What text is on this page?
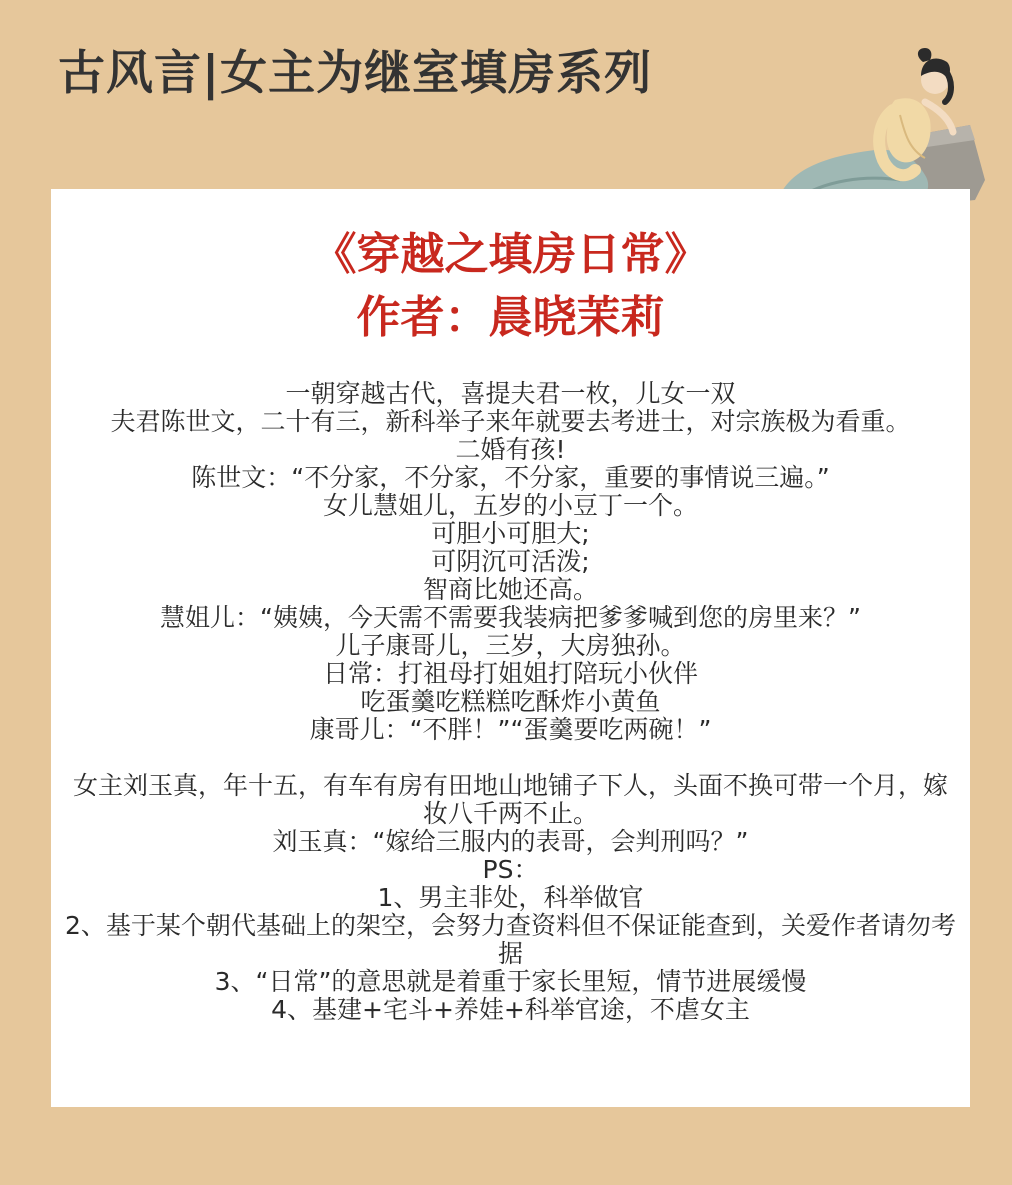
古风言|女主为继室填房系列
《穿越之填房日常》
作者：晨晓茉莉
一朝穿越古代，喜提夫君一枚，儿女一双
夫君陈世文，二十有三，新科举子来年就要去考进士，对宗族极为看重。
二婚有孩!
陈世文：“不分家，不分家，不分家，重要的事情说三遍。”
女儿慧姐儿，五岁的小豆丁一个。
可胆小可胆大;
可阴沉可活泼;
智商比她还高。
慧姐儿：“姨姨，今天需不需要我装病把爹爹喊到您的房里来？”
儿子康哥儿，三岁，大房独孙。
日常：打祖母打姐姐打陪玩小伙伴
吃蛋羹吃糕糕吃酥炸小黄鱼
康哥儿：“不胖！”“蛋羹要吃两碗！”
女主刘玉真，年十五，有车有房有田地山地铺子下人，头面不换可带一个月，嫁妆八千两不止。
刘玉真：“嫁给三服内的表哥，会判刑吗？”
PS：
1、男主非处，科举做官
2、基于某个朝代基础上的架空，会努力查资料但不保证能查到，关爱作者请勿考据
3、“日常”的意思就是着重于家长里短，情节进展缓慢
4、基建+宅斗+养娃+科举官途，不虐女主
